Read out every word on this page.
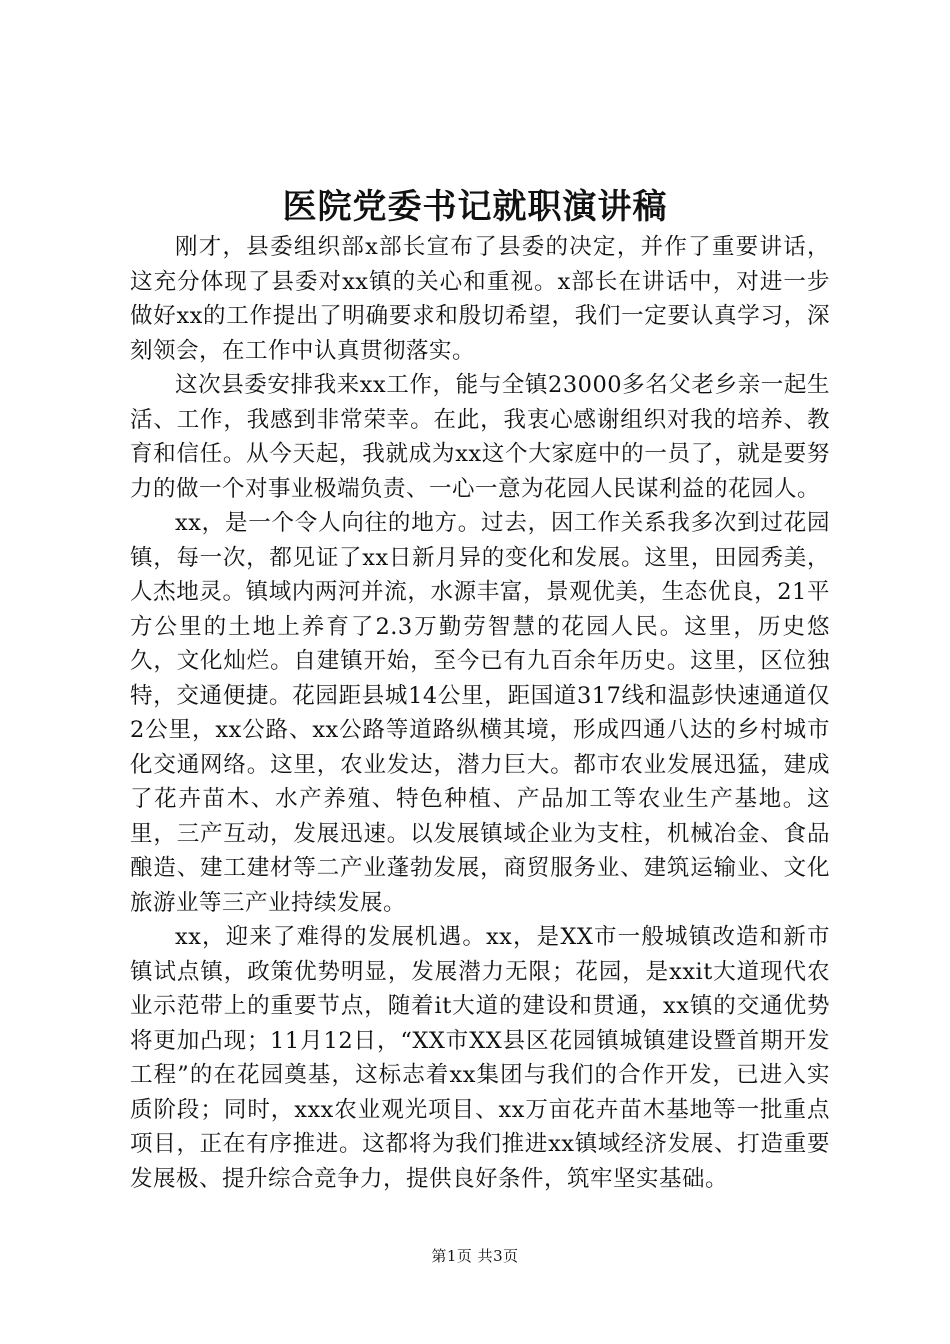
医院党委书记就职演讲稿

刚才，县委组织部x部长宣布了县委的决定，并作了重要讲话，这充分体现了县委对xx镇的关心和重视。x部长在讲话中，对进一步做好xx的工作提出了明确要求和殷切希望，我们一定要认真学习，深刻领会，在工作中认真贯彻落实。

这次县委安排我来xx工作，能与全镇23000多名父老乡亲一起生活、工作，我感到非常荣幸。在此，我衷心感谢组织对我的培养、教育和信任。从今天起，我就成为xx这个大家庭中的一员了，就是要努力的做一个对事业极端负责、一心一意为花园人民谋利益的花园人。

xx，是一个令人向往的地方。过去，因工作关系我多次到过花园镇，每一次，都见证了xx日新月异的变化和发展。这里，田园秀美，人杰地灵。镇域内两河并流，水源丰富，景观优美，生态优良，21平方公里的土地上养育了2.3万勤劳智慧的花园人民。这里，历史悠久，文化灿烂。自建镇开始，至今已有九百余年历史。这里，区位独特，交通便捷。花园距县城14公里，距国道317线和温彭快速通道仅2公里，xx公路、xx公路等道路纵横其境，形成四通八达的乡村城市化交通网络。这里，农业发达，潜力巨大。都市农业发展迅猛，建成了花卉苗木、水产养殖、特色种植、产品加工等农业生产基地。这里，三产互动，发展迅速。以发展镇域企业为支柱，机械冶金、食品酿造、建工建材等二产业蓬勃发展，商贸服务业、建筑运输业、文化旅游业等三产业持续发展。

xx，迎来了难得的发展机遇。xx，是XX市一般城镇改造和新市镇试点镇，政策优势明显，发展潜力无限；花园，是xxit大道现代农业示范带上的重要节点，随着it大道的建设和贯通，xx镇的交通优势将更加凸现；11月12日，“XX市XX县区花园镇城镇建设暨首期开发工程”的在花园奠基，这标志着xx集团与我们的合作开发，已进入实质阶段；同时，xxx农业观光项目、xx万亩花卉苗木基地等一批重点项目，正在有序推进。这都将为我们推进xx镇域经济发展、打造重要发展极、提升综合竞争力，提供良好条件，筑牢坚实基础。

第1页 共3页
